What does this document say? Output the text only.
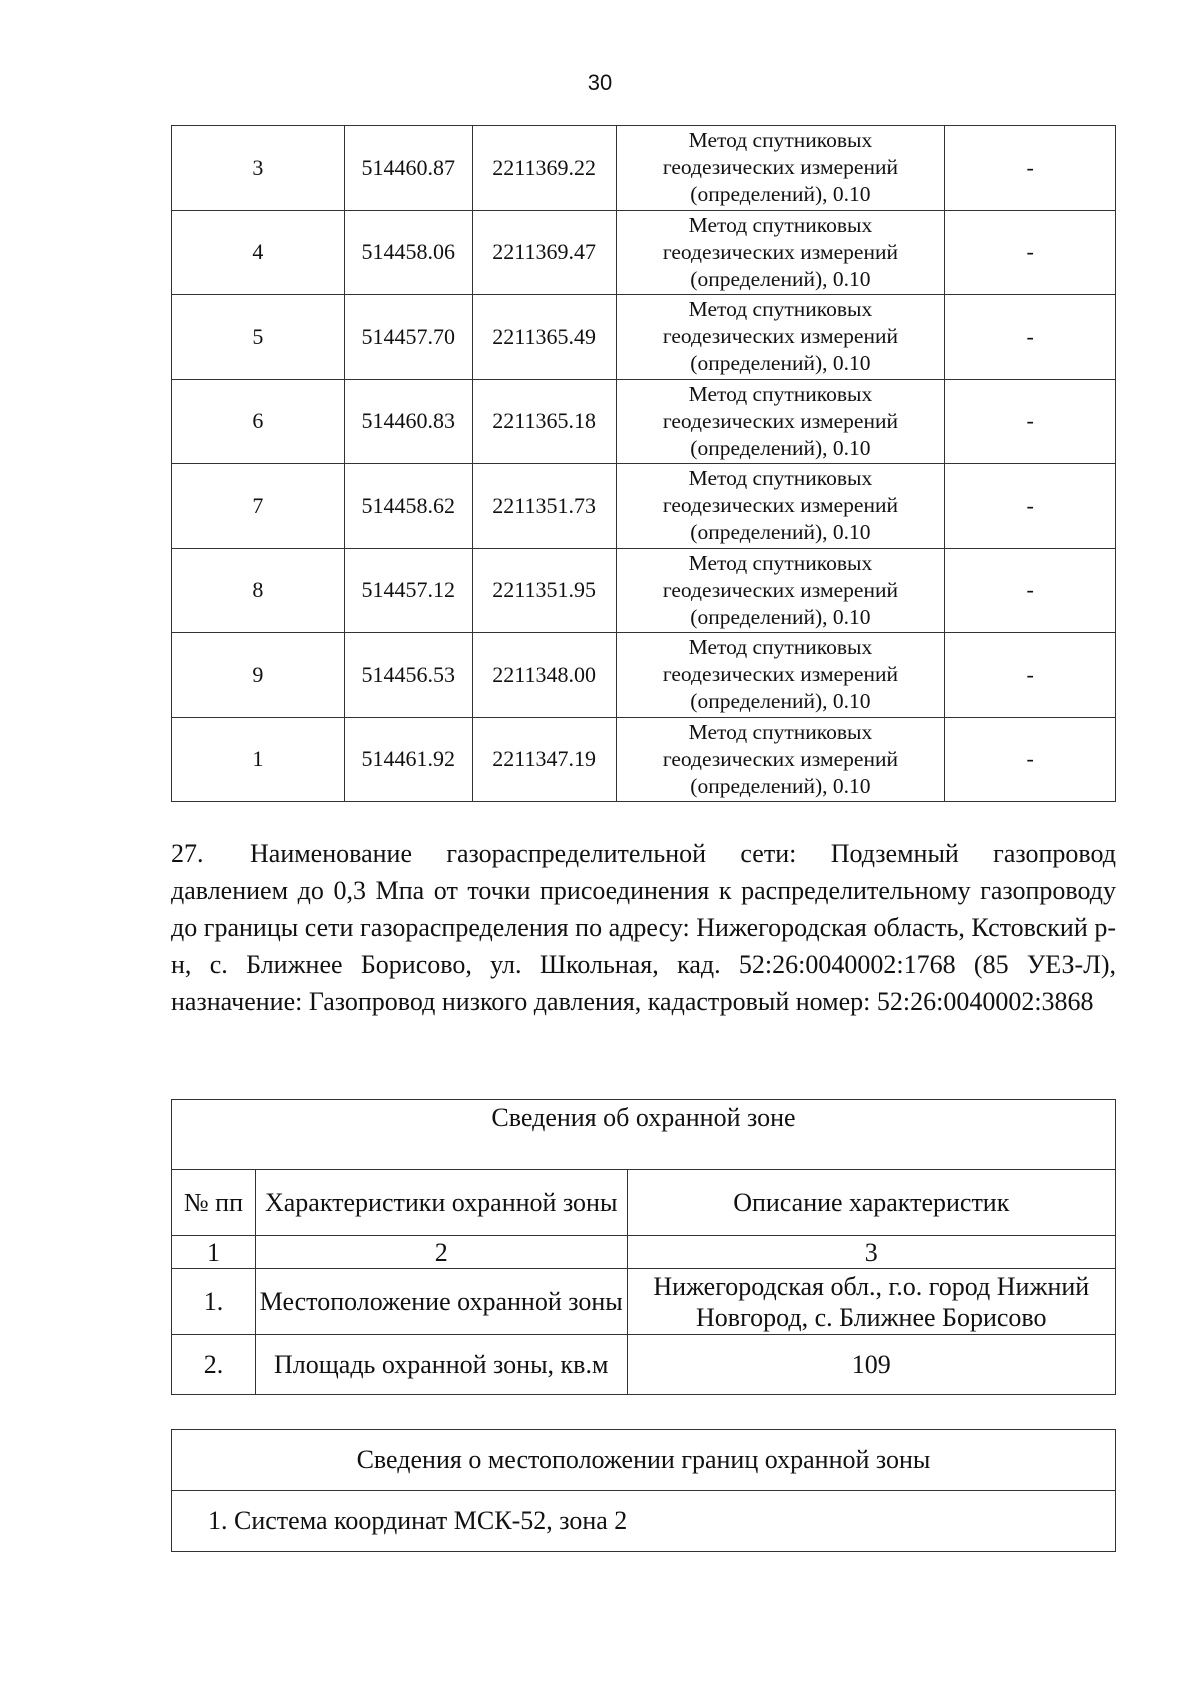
30
3	514460.87	2211369.22	Метод спутниковых
геодезических измерений
(определений), 0.10	-
4	514458.06	2211369.47	Метод спутниковых
геодезических измерений
(определений), 0.10	-
5	514457.70	2211365.49	Метод спутниковых
геодезических измерений
(определений), 0.10	-
6	514460.83	2211365.18	Метод спутниковых
геодезических измерений
(определений), 0.10	-
7	514458.62	2211351.73	Метод спутниковых
геодезических измерений
(определений), 0.10	-
8	514457.12	2211351.95	Метод спутниковых
геодезических измерений
(определений), 0.10	-
9	514456.53	2211348.00	Метод спутниковых
геодезических измерений
(определений), 0.10	-
1	514461.92	2211347.19	Метод спутниковых
геодезических измерений
(определений), 0.10	-

27. Наименование газораспределительной сети: Подземный газопровод давлением до 0,3 Мпа от точки присоединения к распределительному газопроводу до границы сети газораспределения по адресу: Нижегородская область, Кстовский р-н, с. Ближнее Борисово, ул. Школьная, кад. 52:26:0040002:1768 (85 УЕЗ-Л), назначение: Газопровод низкого давления, кадастровый номер: 52:26:0040002:3868

Сведения об охранной зоне		
№ пп	Характеристики охранной зоны	Описание характеристик
1	2	3
1.	Местоположение охранной зоны	Нижегородская обл., г.о. город Нижний Новгород, с. Ближнее Борисово
2.	Площадь охранной зоны, кв.м	109
Сведения о местоположении границ охранной зоны
1. Система координат МСК-52, зона 2
